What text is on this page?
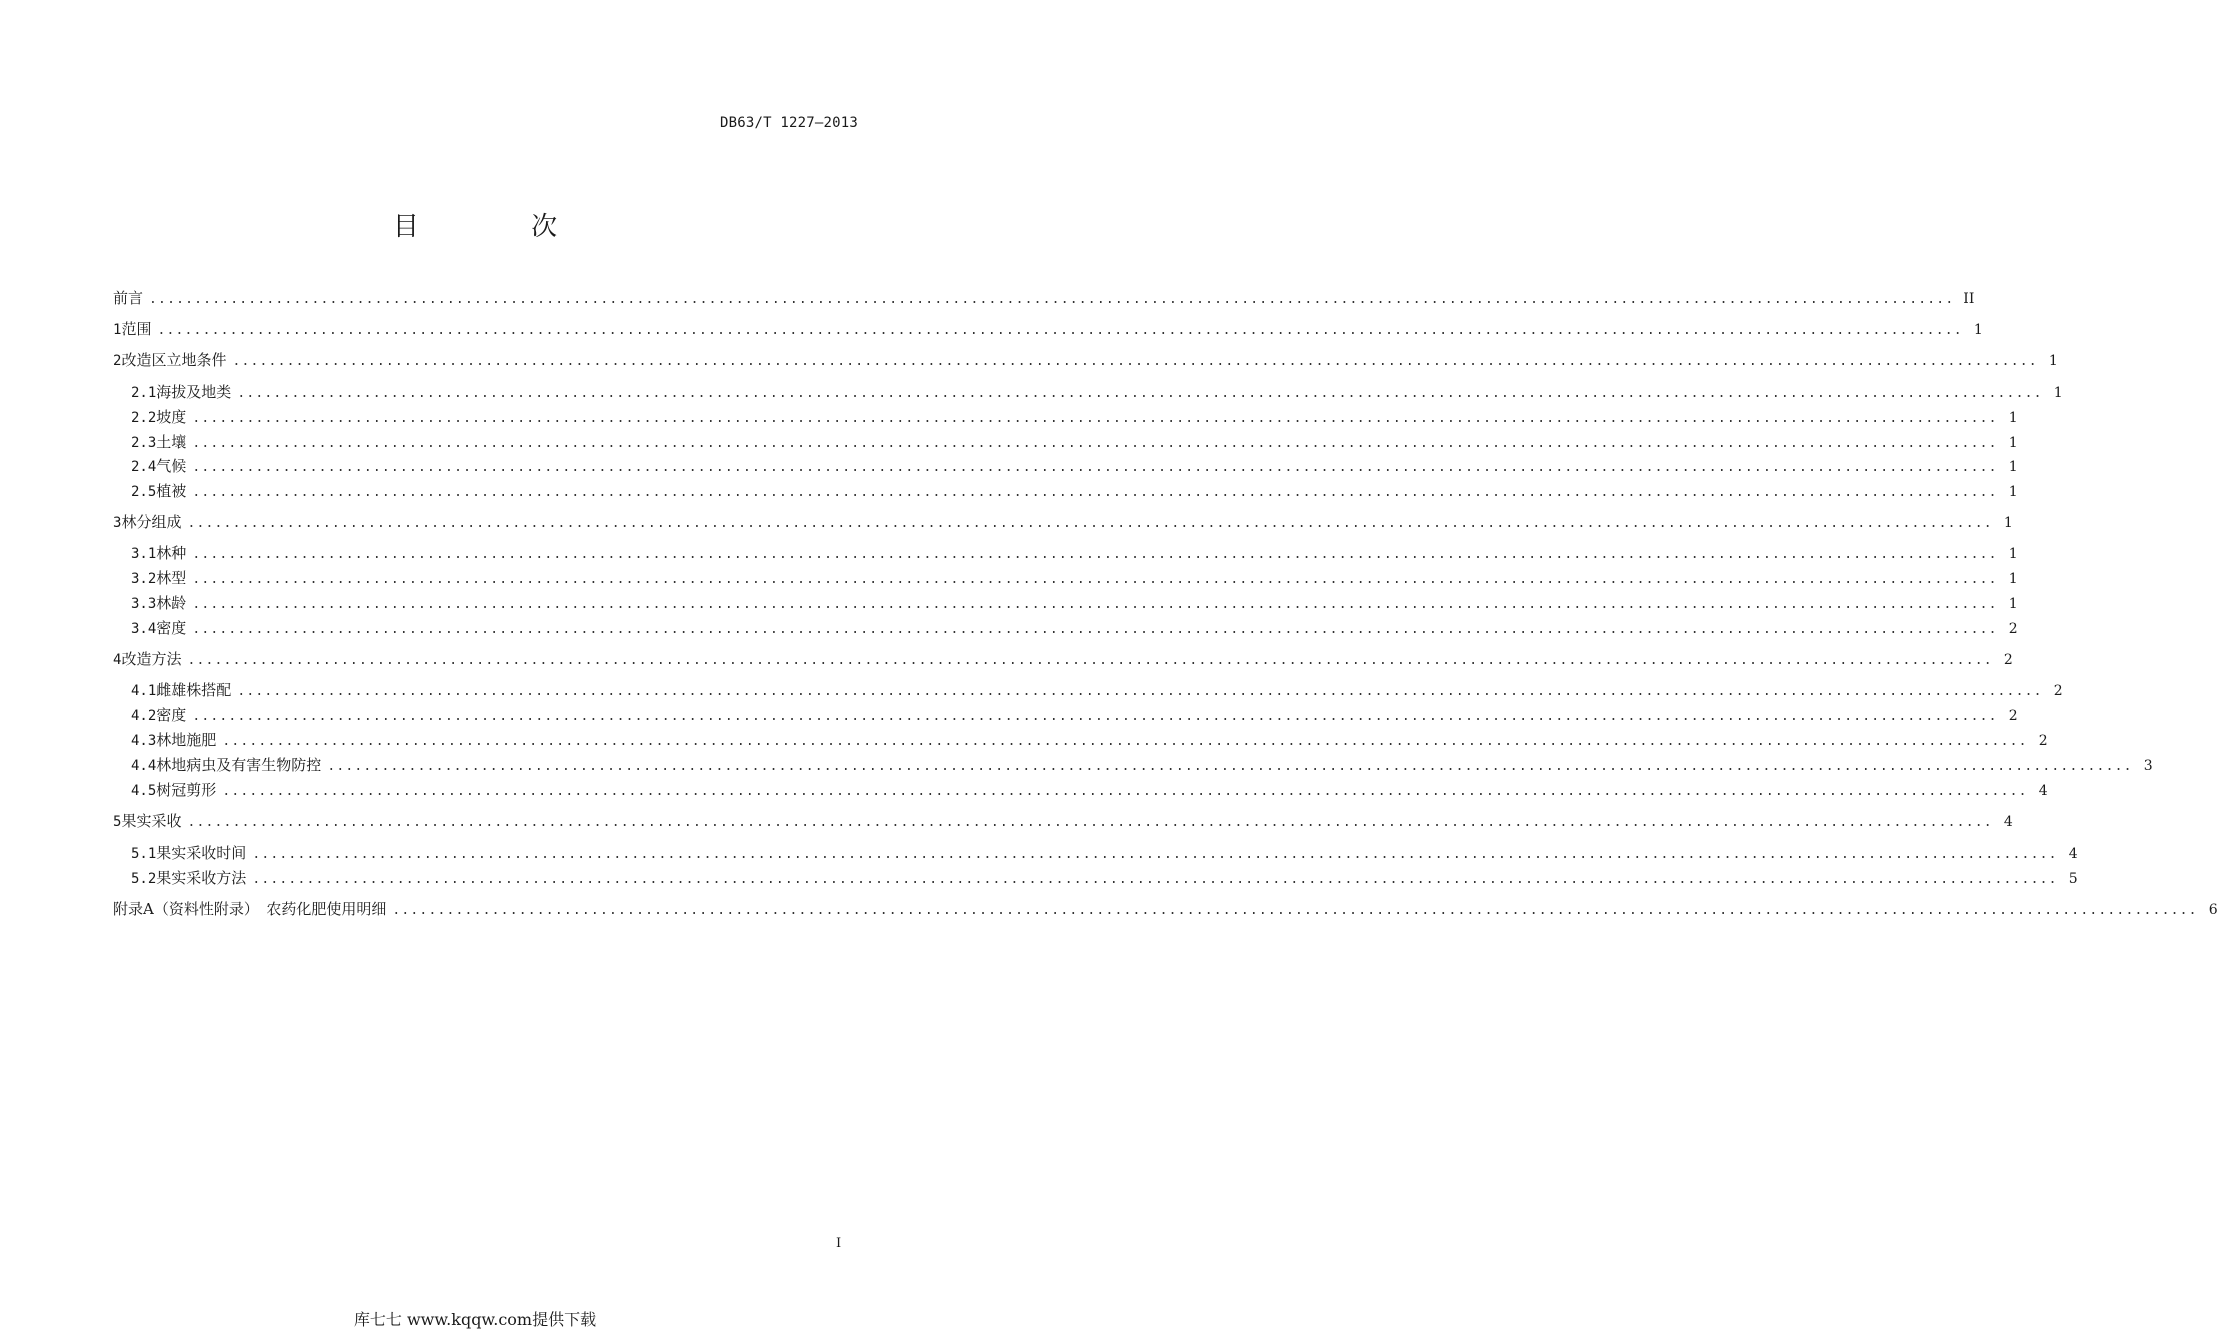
DB63/T 1227—2013
目 次
前言 ........................................................................................................................................................................................................ II
1 范围 ........................................................................................................................................................................................................ 1
2 改造区立地条件 ........................................................................................................................................................................................................ 1
2.1 海拔及地类 ........................................................................................................................................................................................................ 1
2.2 坡度 ........................................................................................................................................................................................................ 1
2.3 土壤 ........................................................................................................................................................................................................ 1
2.4 气候 ........................................................................................................................................................................................................ 1
2.5 植被 ........................................................................................................................................................................................................ 1
3 林分组成 ........................................................................................................................................................................................................ 1
3.1 林种 ........................................................................................................................................................................................................ 1
3.2 林型 ........................................................................................................................................................................................................ 1
3.3 林龄 ........................................................................................................................................................................................................ 1
3.4 密度 ........................................................................................................................................................................................................ 2
4 改造方法 ........................................................................................................................................................................................................ 2
4.1 雌雄株搭配 ........................................................................................................................................................................................................ 2
4.2 密度 ........................................................................................................................................................................................................ 2
4.3 林地施肥 ........................................................................................................................................................................................................ 2
4.4 林地病虫及有害生物防控 ........................................................................................................................................................................................................ 3
4.5 树冠剪形 ........................................................................................................................................................................................................ 4
5 果实采收 ........................................................................................................................................................................................................ 4
5.1 果实采收时间 ........................................................................................................................................................................................................ 4
5.2 果实采收方法 ........................................................................................................................................................................................................ 5
附录A（资料性附录）　农药化肥使用明细 ........................................................................................................................................................................................................ 6
I
库七七 www.kqqw.com提供下载
